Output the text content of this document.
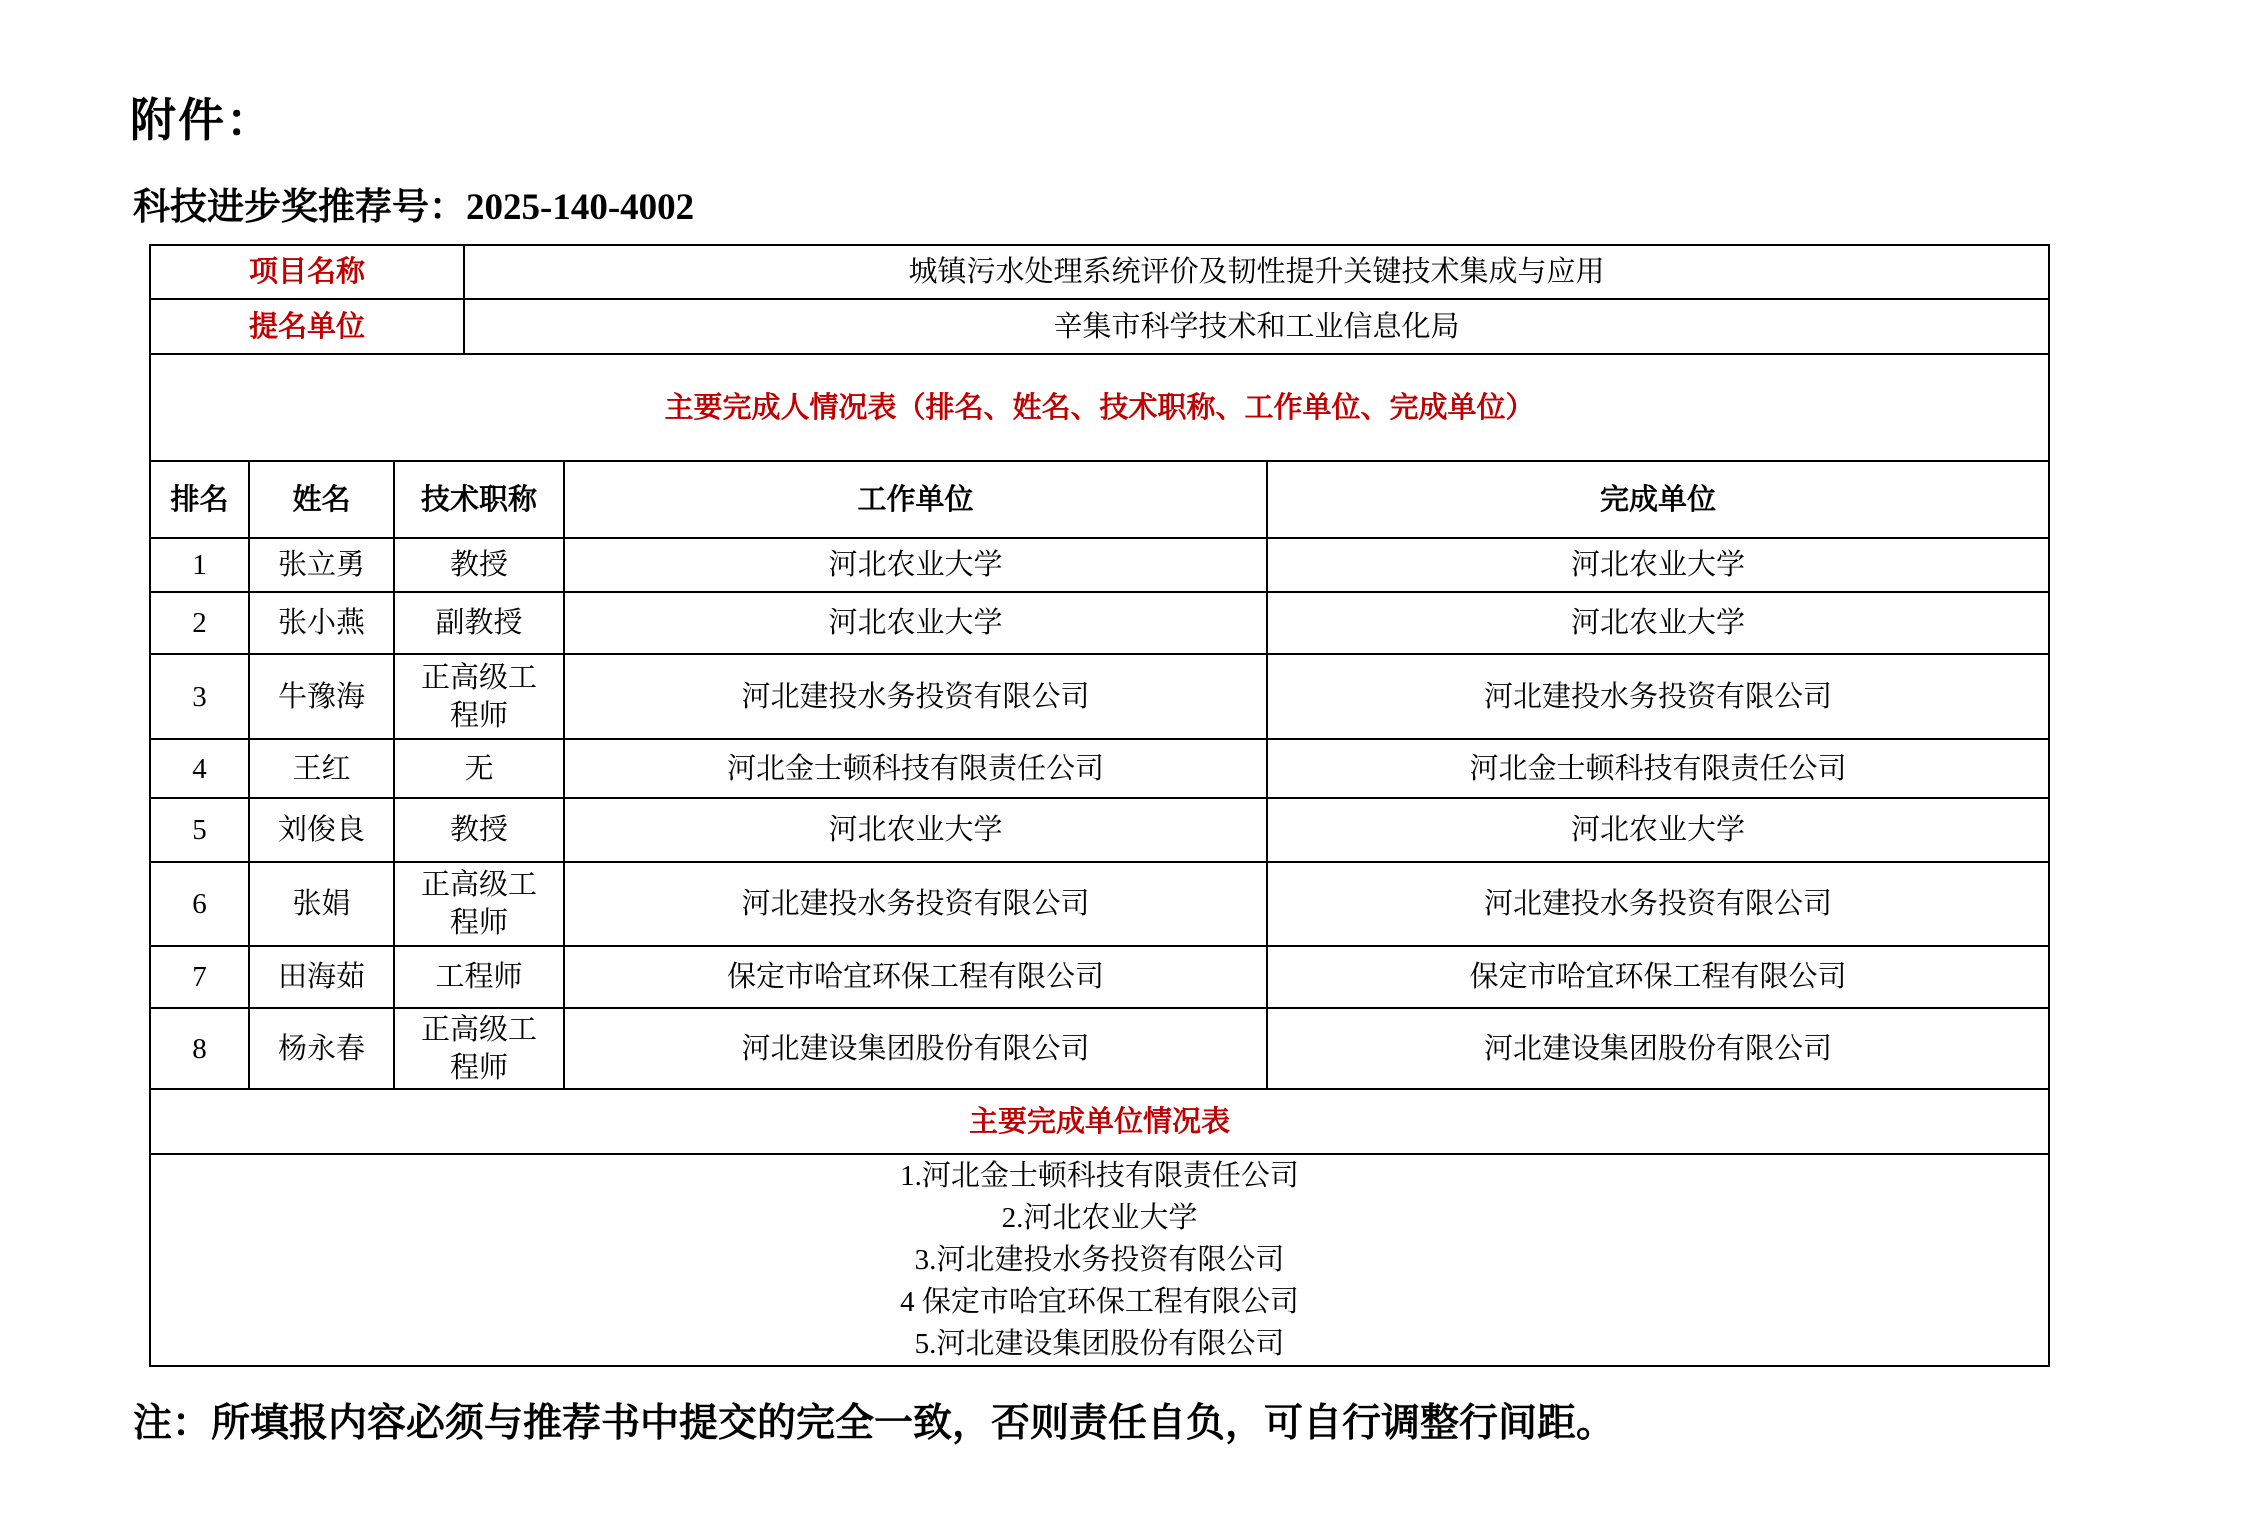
附件：
科技进步奖推荐号：2025-140-4002
项目名称			城镇污水处理系统评价及韧性提升关键技术集成与应用		
提名单位			辛集市科学技术和工业信息化局		
主要完成人情况表（排名、姓名、技术职称、工作单位、完成单位）					
排名	姓名	技术职称		工作单位	完成单位
1	张立勇	教授		河北农业大学	河北农业大学
2	张小燕	副教授		河北农业大学	河北农业大学
3	牛豫海	正高级工程师		河北建投水务投资有限公司	河北建投水务投资有限公司
4	王红	无		河北金士顿科技有限责任公司	河北金士顿科技有限责任公司
5	刘俊良	教授		河北农业大学	河北农业大学
6	张娟	正高级工程师		河北建投水务投资有限公司	河北建投水务投资有限公司
7	田海茹	工程师		保定市哈宜环保工程有限公司	保定市哈宜环保工程有限公司
8	杨永春	正高级工程师		河北建设集团股份有限公司	河北建设集团股份有限公司
主要完成单位情况表					

1.河北金士顿科技有限责任公司
2.河北农业大学
3.河北建投水务投资有限公司
4 保定市哈宜环保工程有限公司
5.河北建设集团股份有限公司					
注：所填报内容必须与推荐书中提交的完全一致，否则责任自负，可自行调整行间距。
